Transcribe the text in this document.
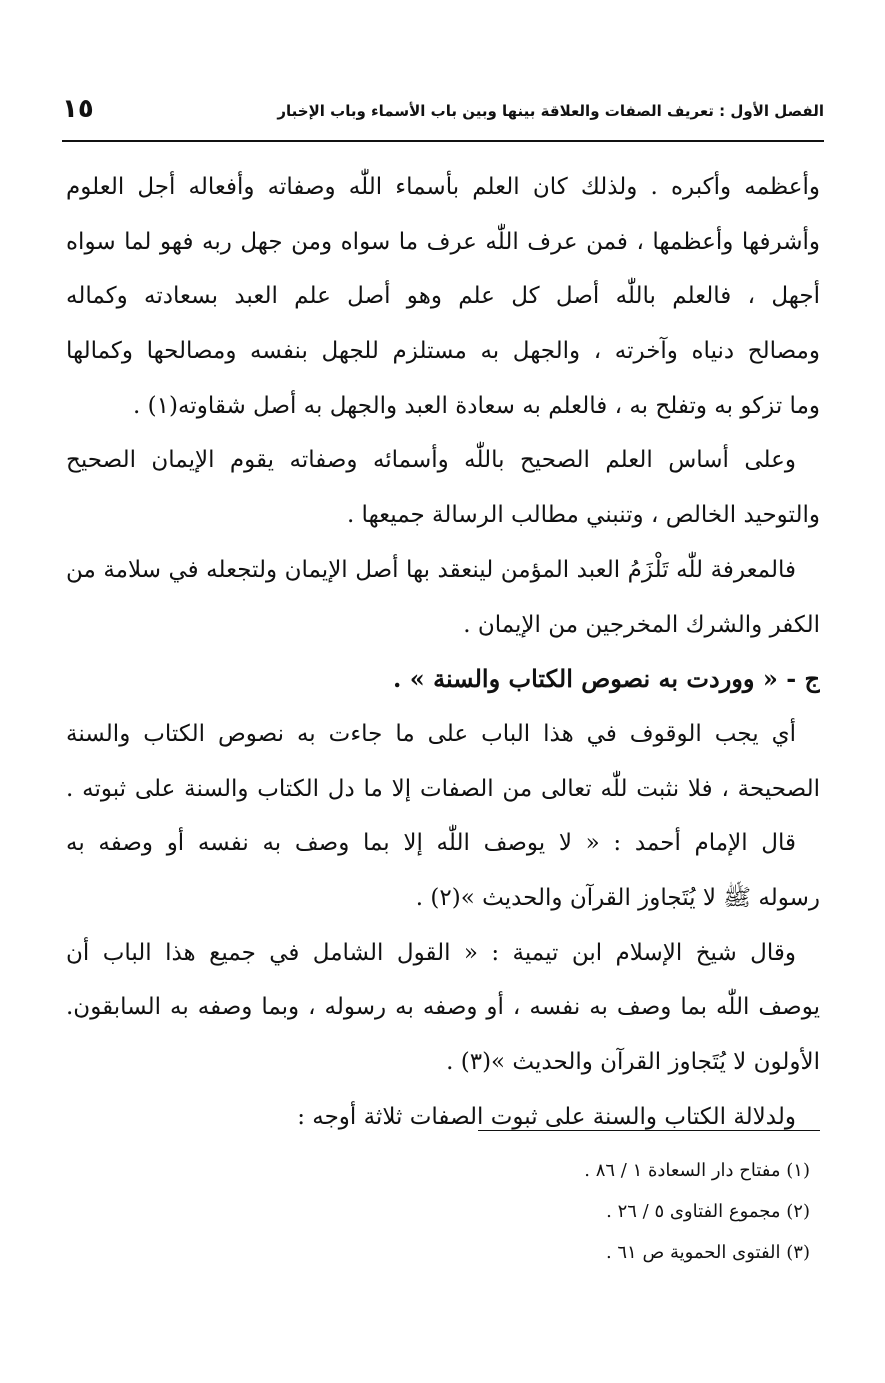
الفصل الأول : تعريف الصفات والعلاقة بينها وبين باب الأسماء وباب الإخبار
١٥
وأعظمه وأكبره . ولذلك كان العلم بأسماء اللّٰه وصفاته وأفعاله أجل العلوم
وأشرفها وأعظمها ، فمن عرف اللّٰه عرف ما سواه ومن جهل ربه فهو لما سواه
أجهل ، فالعلم باللّٰه أصل كل علم وهو أصل علم العبد بسعادته وكماله
ومصالح دنياه وآخرته ، والجهل به مستلزم للجهل بنفسه ومصالحها وكمالها
وما تزكو به وتفلح به ، فالعلم به سعادة العبد والجهل به أصل شقاوته(١) .
وعلى أساس العلم الصحيح باللّٰه وأسمائه وصفاته يقوم الإيمان الصحيح
والتوحيد الخالص ، وتنبني مطالب الرسالة جميعها .
فالمعرفة للّٰه تَلْزَمُ العبد المؤمن لينعقد بها أصل الإيمان ولتجعله في سلامة من
الكفر والشرك المخرجين من الإيمان .
ج - « ووردت به نصوص الكتاب والسنة » .
أي يجب الوقوف في هذا الباب على ما جاءت به نصوص الكتاب والسنة
الصحيحة ، فلا نثبت للّٰه تعالى من الصفات إلا ما دل الكتاب والسنة على ثبوته .
قال الإمام أحمد : « لا يوصف اللّٰه إلا بما وصف به نفسه أو وصفه به
رسوله ﷺ لا يُتَجاوز القرآن والحديث »(٢) .
وقال شيخ الإسلام ابن تيمية : « القول الشامل في جميع هذا الباب أن
يوصف اللّٰه بما وصف به نفسه ، أو وصفه به رسوله ، وبما وصفه به السابقون.
الأولون لا يُتَجاوز القرآن والحديث »(٣) .
ولدلالة الكتاب والسنة على ثبوت الصفات ثلاثة أوجه :
(١) مفتاح دار السعادة ١ / ٨٦ .
(٢) مجموع الفتاوى ٥ / ٢٦ .
(٣) الفتوى الحموية ص ٦١ .
